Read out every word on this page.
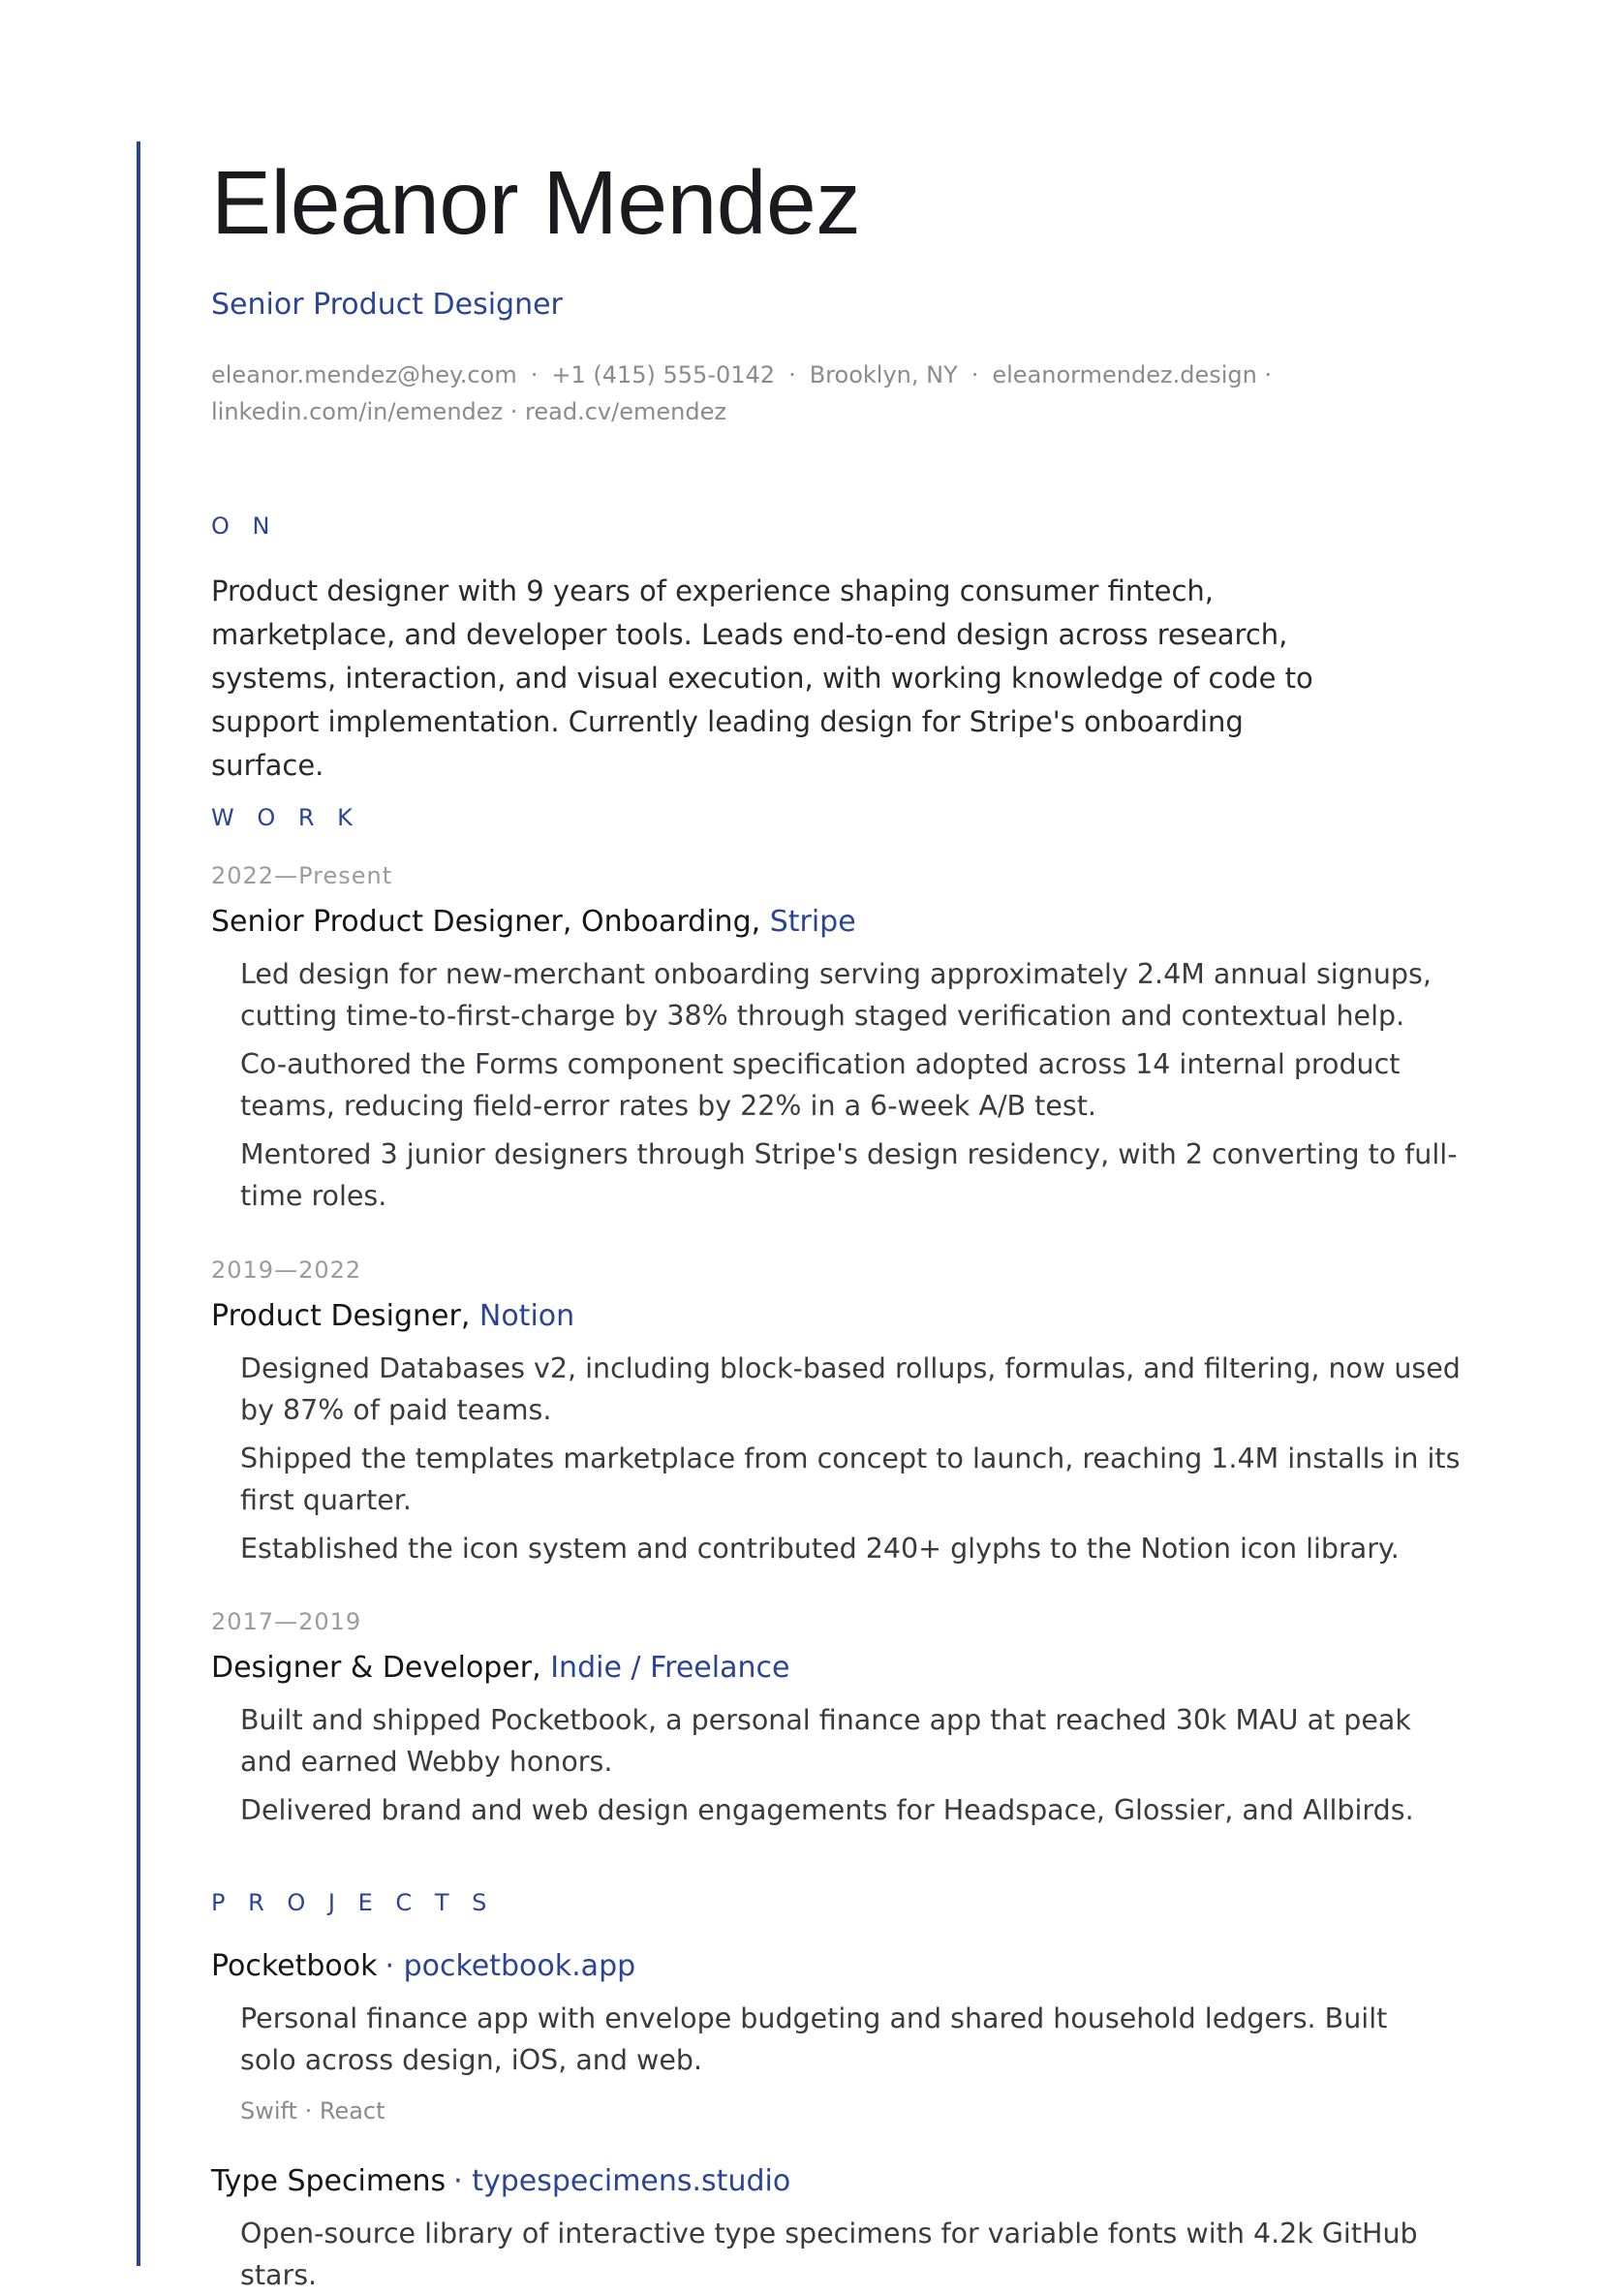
Eleanor Mendez
Senior Product Designer
eleanor.mendez@hey.com · +1 (415) 555-0142 · Brooklyn, NY · eleanormendez.design ·
linkedin.com/in/emendez · read.cv/emendez
O N

Product designer with 9 years of experience shaping consumer fintech, marketplace, and developer tools. Leads end-to-end design across research, systems, interaction, and visual execution, with working knowledge of code to support implementation. Currently leading design for Stripe's onboarding surface.

W O R K
2022—Present
Senior Product Designer, Onboarding, Stripe
Led design for new-merchant onboarding serving approximately 2.4M annual signups, cutting time-to-first-charge by 38% through staged verification and contextual help.
Co-authored the Forms component specification adopted across 14 internal product teams, reducing field-error rates by 22% in a 6-week A/B test.
Mentored 3 junior designers through Stripe's design residency, with 2 converting to full-time roles.
2019—2022
Product Designer, Notion
Designed Databases v2, including block-based rollups, formulas, and filtering, now used by 87% of paid teams.
Shipped the templates marketplace from concept to launch, reaching 1.4M installs in its first quarter.
Established the icon system and contributed 240+ glyphs to the Notion icon library.
2017—2019
Designer & Developer, Indie / Freelance
Built and shipped Pocketbook, a personal finance app that reached 30k MAU at peak and earned Webby honors.
Delivered brand and web design engagements for Headspace, Glossier, and Allbirds.
P R O J E C T S
Pocketbook · pocketbook.app
Personal finance app with envelope budgeting and shared household ledgers. Built solo across design, iOS, and web.
Swift · React
Type Specimens · typespecimens.studio
Open-source library of interactive type specimens for variable fonts with 4.2k GitHub stars.
